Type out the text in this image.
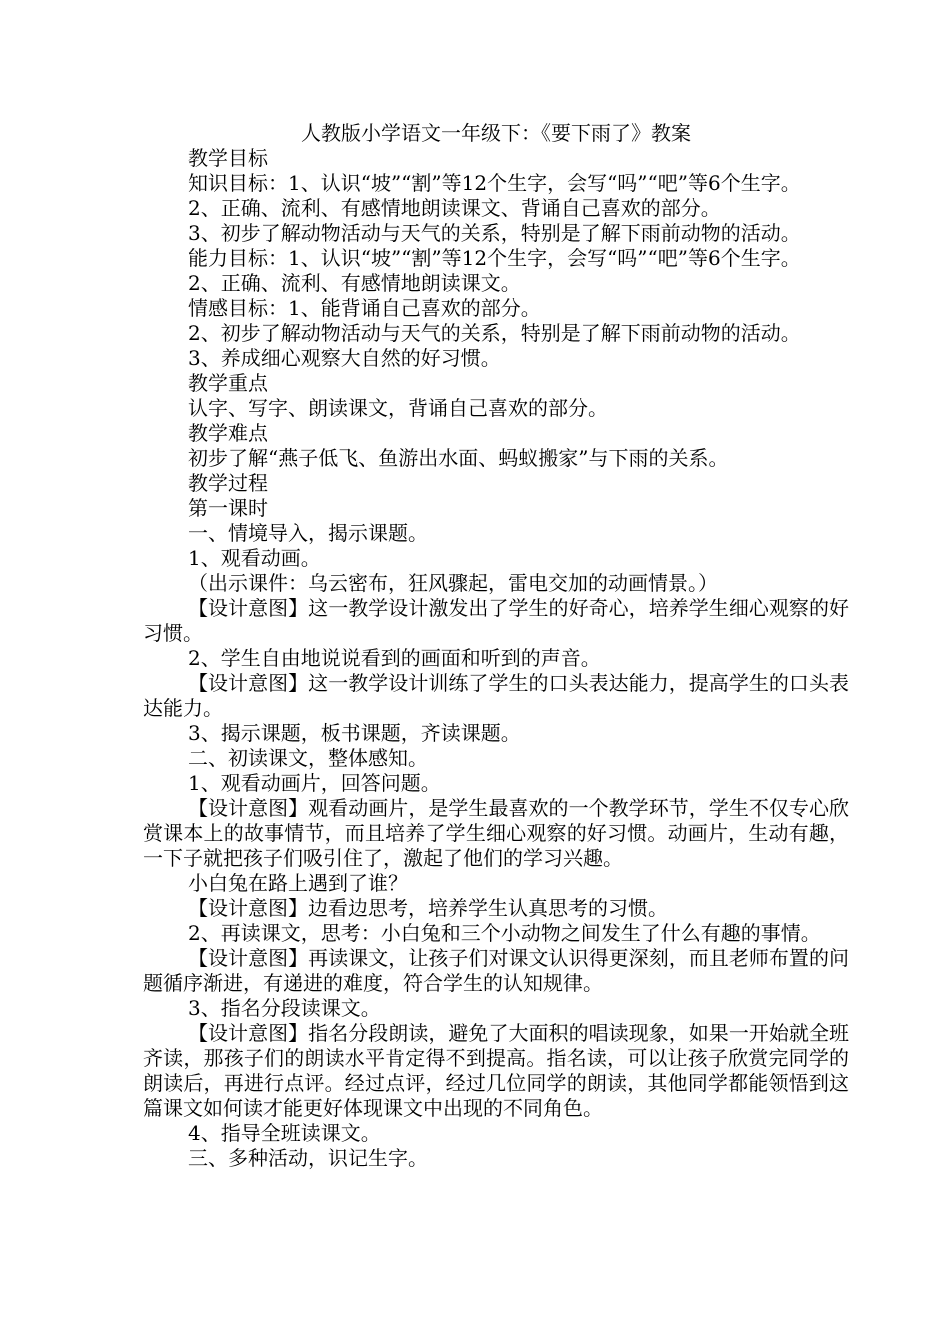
人教版小学语文一年级下：《要下雨了》教案

教学目标

知识目标：1、认识“坡”“割”等12个生字，会写“吗”“吧”等6个生字。

2、正确、流利、有感情地朗读课文、背诵自己喜欢的部分。

3、初步了解动物活动与天气的关系，特别是了解下雨前动物的活动。

能力目标：1、认识“坡”“割”等12个生字，会写“吗”“吧”等6个生字。

2、正确、流利、有感情地朗读课文。

情感目标：1、能背诵自己喜欢的部分。

2、初步了解动物活动与天气的关系，特别是了解下雨前动物的活动。

3、养成细心观察大自然的好习惯。

教学重点

认字、写字、朗读课文，背诵自己喜欢的部分。

教学难点

初步了解“燕子低飞、鱼游出水面、蚂蚁搬家”与下雨的关系。

教学过程

第一课时

一、情境导入，揭示课题。

1、观看动画。

（出示课件：乌云密布，狂风骤起，雷电交加的动画情景。）

【设计意图】这一教学设计激发出了学生的好奇心，培养学生细心观察的好习惯。

2、学生自由地说说看到的画面和听到的声音。

【设计意图】这一教学设计训练了学生的口头表达能力，提高学生的口头表达能力。

3、揭示课题，板书课题，齐读课题。

二、初读课文，整体感知。

1、观看动画片，回答问题。

【设计意图】观看动画片，是学生最喜欢的一个教学环节，学生不仅专心欣赏课本上的故事情节，而且培养了学生细心观察的好习惯。动画片，生动有趣，一下子就把孩子们吸引住了，激起了他们的学习兴趣。

小白兔在路上遇到了谁？

【设计意图】边看边思考，培养学生认真思考的习惯。

2、再读课文，思考：小白兔和三个小动物之间发生了什么有趣的事情。

【设计意图】再读课文，让孩子们对课文认识得更深刻，而且老师布置的问题循序渐进，有递进的难度，符合学生的认知规律。

3、指名分段读课文。

【设计意图】指名分段朗读，避免了大面积的唱读现象，如果一开始就全班齐读，那孩子们的朗读水平肯定得不到提高。指名读，可以让孩子欣赏完同学的朗读后，再进行点评。经过点评，经过几位同学的朗读，其他同学都能领悟到这篇课文如何读才能更好体现课文中出现的不同角色。

4、指导全班读课文。

三、多种活动，识记生字。
